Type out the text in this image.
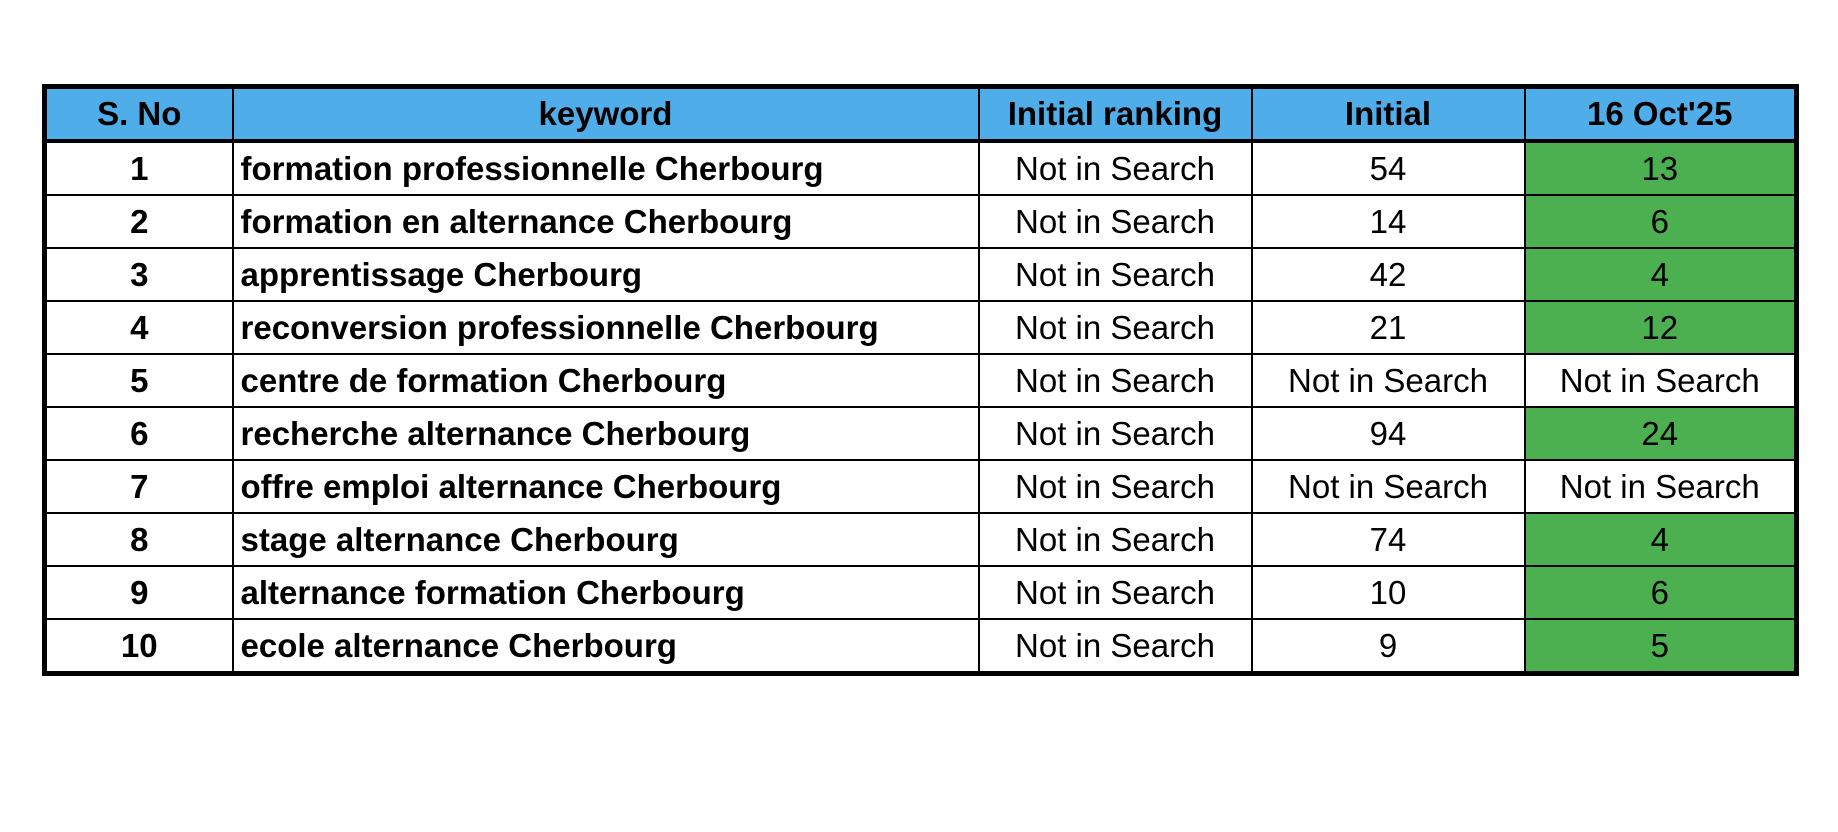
S. No	keyword	Initial ranking	Initial	16 Oct'25
1	formation professionnelle Cherbourg	Not in Search	54	13
2	formation en alternance Cherbourg	Not in Search	14	6
3	apprentissage Cherbourg	Not in Search	42	4
4	reconversion professionnelle Cherbourg	Not in Search	21	12
5	centre de formation Cherbourg	Not in Search	Not in Search	Not in Search
6	recherche alternance Cherbourg	Not in Search	94	24
7	offre emploi alternance Cherbourg	Not in Search	Not in Search	Not in Search
8	stage alternance Cherbourg	Not in Search	74	4
9	alternance formation Cherbourg	Not in Search	10	6
10	ecole alternance Cherbourg	Not in Search	9	5
